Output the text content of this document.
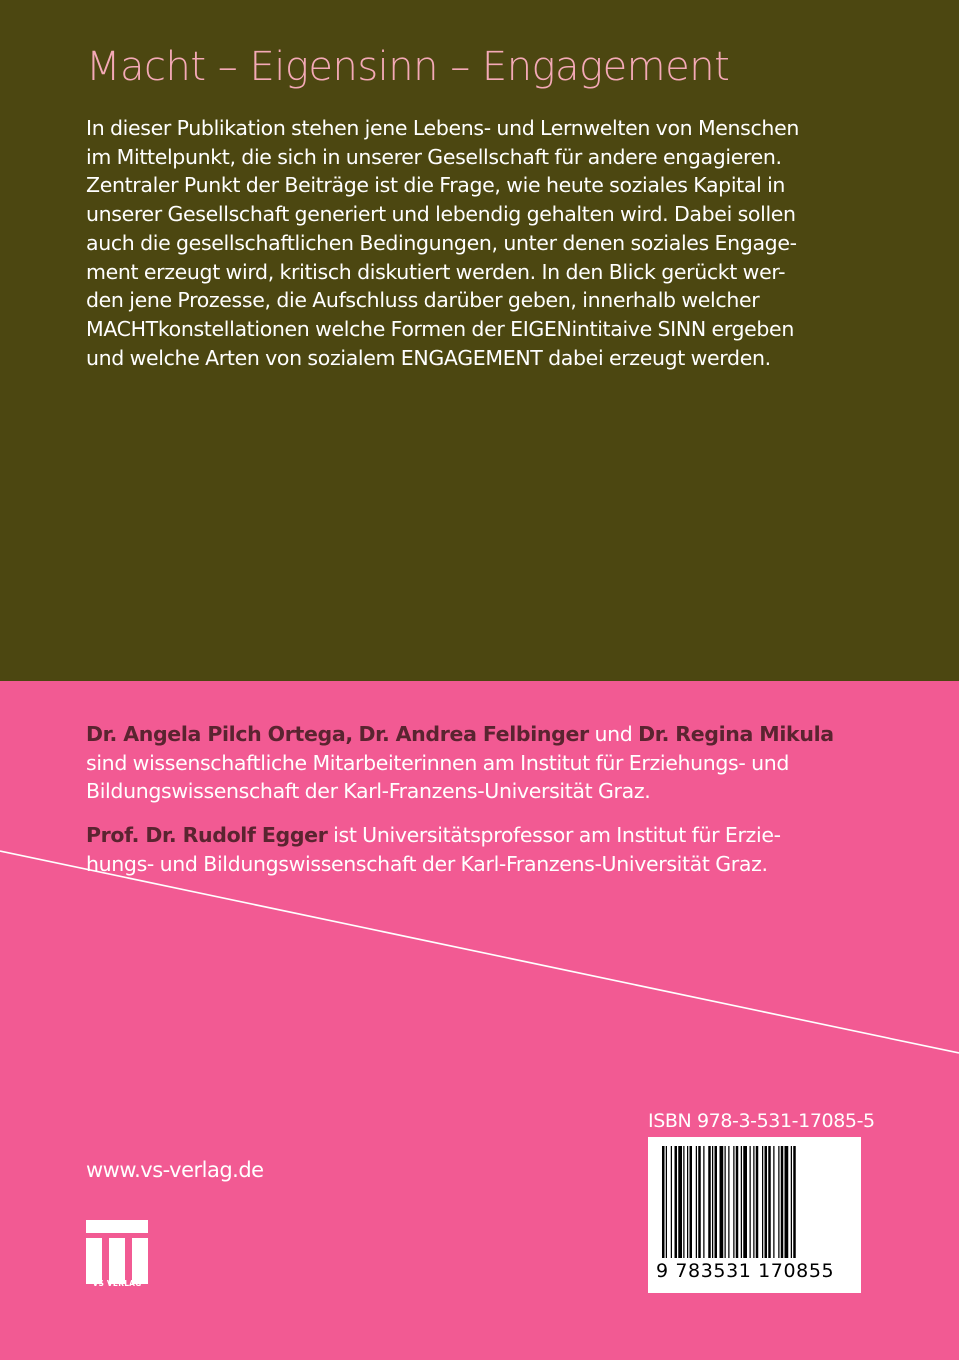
Macht – Eigensinn – Engagement
In dieser Publikation stehen jene Lebens- und Lernwelten von Menschen
im Mittelpunkt, die sich in unserer Gesellschaft für andere engagieren.
Zentraler Punkt der Beiträge ist die Frage, wie heute soziales Kapital in
unserer Gesellschaft generiert und lebendig gehalten wird. Dabei sollen
auch die gesellschaftlichen Bedingungen, unter denen soziales Engage-
ment erzeugt wird, kritisch diskutiert werden. In den Blick gerückt wer-
den jene Prozesse, die Aufschluss darüber geben, innerhalb welcher
MACHTkonstellationen welche Formen der EIGENintitaive SINN ergeben
und welche Arten von sozialem ENGAGEMENT dabei erzeugt werden.
Dr. Angela Pilch Ortega, Dr. Andrea Felbinger und Dr. Regina Mikula
sind wissenschaftliche Mitarbeiterinnen am Institut für Erziehungs- und
Bildungswissenschaft der Karl-Franzens-Universität Graz.
Prof. Dr. Rudolf Egger ist Universitätsprofessor am Institut für Erzie-
hungs- und Bildungswissenschaft der Karl-Franzens-Universität Graz.
www.vs-verlag.de
VS VERLAG
ISBN 978-3-531-17085-5
9 783531 170855
